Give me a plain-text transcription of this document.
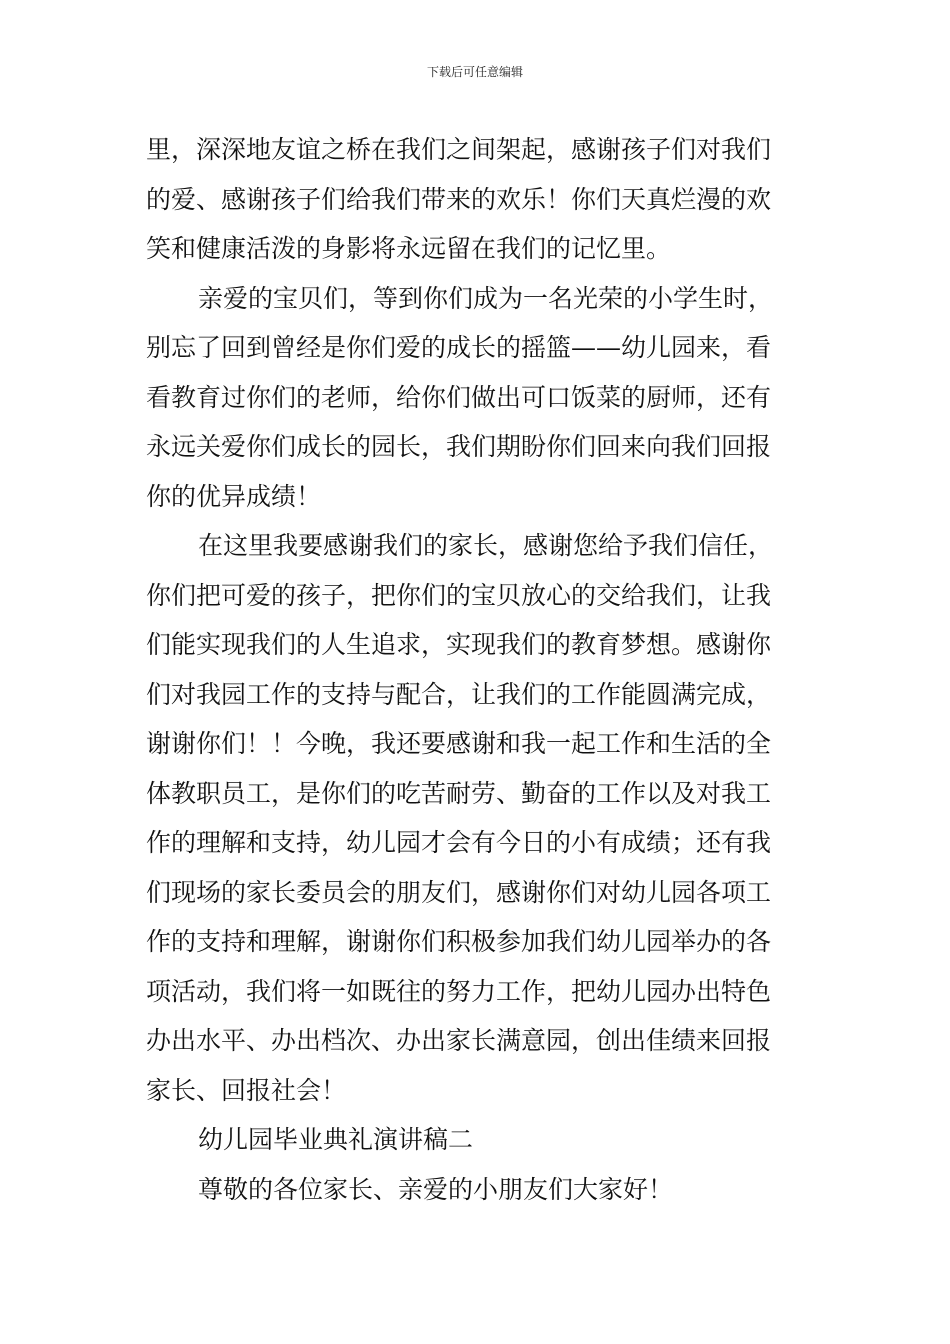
下载后可任意编辑
里，深深地友谊之桥在我们之间架起，感谢孩子们对我们
的爱、感谢孩子们给我们带来的欢乐！你们天真烂漫的欢
笑和健康活泼的身影将永远留在我们的记忆里。
亲爱的宝贝们，等到你们成为一名光荣的小学生时，
别忘了回到曾经是你们爱的成长的摇篮——幼儿园来，看
看教育过你们的老师，给你们做出可口饭菜的厨师，还有
永远关爱你们成长的园长，我们期盼你们回来向我们回报
你的优异成绩！
在这里我要感谢我们的家长，感谢您给予我们信任，
你们把可爱的孩子，把你们的宝贝放心的交给我们，让我
们能实现我们的人生追求，实现我们的教育梦想。感谢你
们对我园工作的支持与配合，让我们的工作能圆满完成，
谢谢你们！！今晚，我还要感谢和我一起工作和生活的全
体教职员工，是你们的吃苦耐劳、勤奋的工作以及对我工
作的理解和支持，幼儿园才会有今日的小有成绩；还有我
们现场的家长委员会的朋友们，感谢你们对幼儿园各项工
作的支持和理解，谢谢你们积极参加我们幼儿园举办的各
项活动，我们将一如既往的努力工作，把幼儿园办出特色
办出水平、办出档次、办出家长满意园，创出佳绩来回报
家长、回报社会！
幼儿园毕业典礼演讲稿二
尊敬的各位家长、亲爱的小朋友们大家好！
